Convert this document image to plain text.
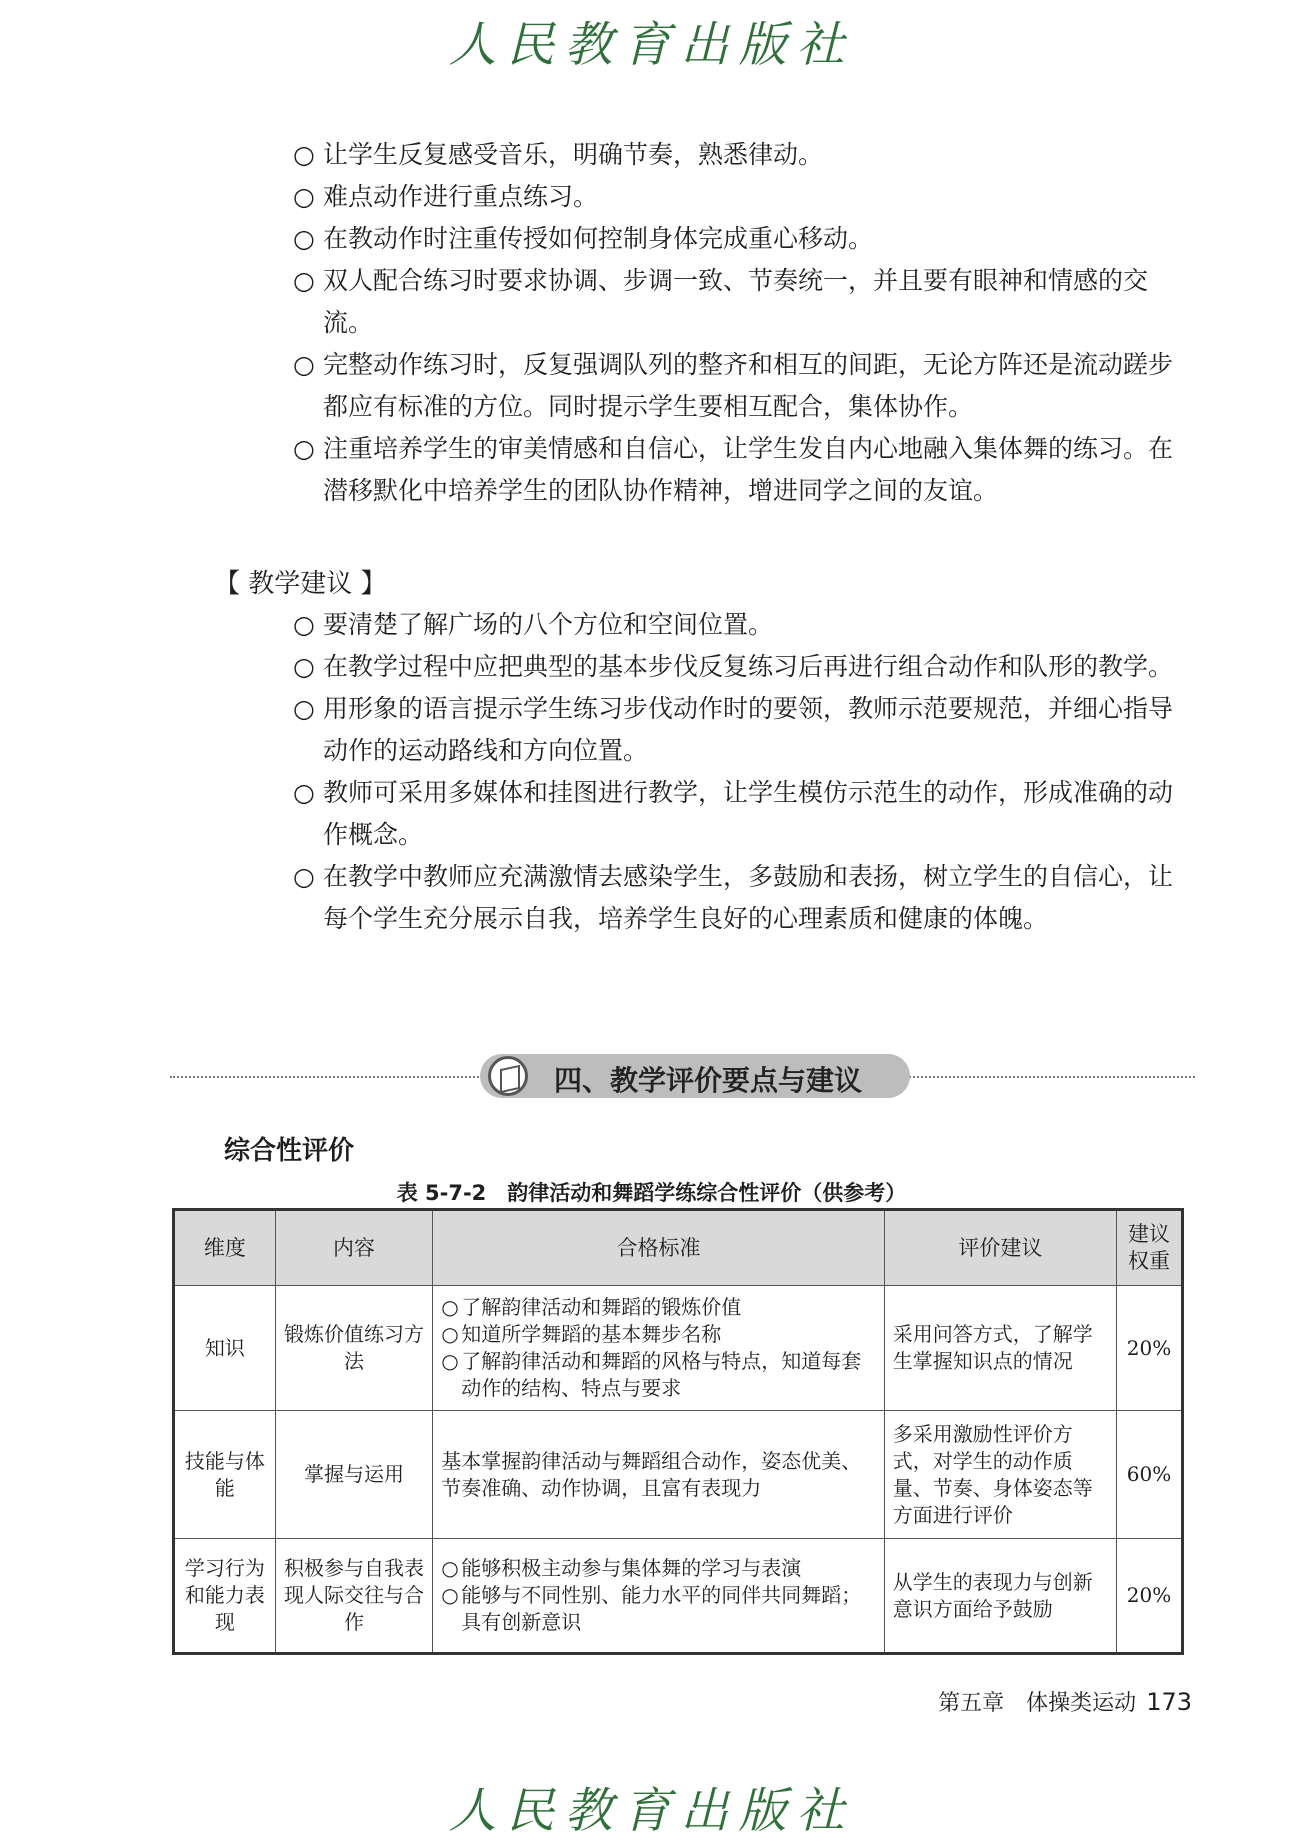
人民教育出版社
○ 让学生反复感受音乐，明确节奏，熟悉律动。
○ 难点动作进行重点练习。
○ 在教动作时注重传授如何控制身体完成重心移动。
○ 双人配合练习时要求协调、步调一致、节奏统一，并且要有眼神和情感的交流。
○ 完整动作练习时，反复强调队列的整齐和相互的间距，无论方阵还是流动蹉步都应有标准的方位。同时提示学生要相互配合，集体协作。
○ 注重培养学生的审美情感和自信心，让学生发自内心地融入集体舞的练习。在潜移默化中培养学生的团队协作精神，增进同学之间的友谊。
【 教学建议 】
○ 要清楚了解广场的八个方位和空间位置。
○ 在教学过程中应把典型的基本步伐反复练习后再进行组合动作和队形的教学。
○ 用形象的语言提示学生练习步伐动作时的要领，教师示范要规范，并细心指导动作的运动路线和方向位置。
○ 教师可采用多媒体和挂图进行教学，让学生模仿示范生的动作，形成准确的动作概念。
○ 在教学中教师应充满激情去感染学生，多鼓励和表扬，树立学生的自信心，让每个学生充分展示自我，培养学生良好的心理素质和健康的体魄。
四、教学评价要点与建议
综合性评价
表 5-7-2　韵律活动和舞蹈学练综合性评价（供参考）
维度	内容	合格标准	评价建议	建议权重
知识	锻炼价值练习方法	○ 了解韵律活动和舞蹈的锻炼价值
○ 知道所学舞蹈的基本舞步名称
○ 了解韵律活动和舞蹈的风格与特点，知道每套动作的结构、特点与要求	采用问答方式，了解学生掌握知识点的情况	20%
技能与体能	掌握与运用	基本掌握韵律活动与舞蹈组合动作，姿态优美、节奏准确、动作协调，且富有表现力	多采用激励性评价方式，对学生的动作质量、节奏、身体姿态等方面进行评价	60%
学习行为和能力表现	积极参与自我表现人际交往与合作	○ 能够积极主动参与集体舞的学习与表演
○ 能够与不同性别、能力水平的同伴共同舞蹈；具有创新意识	从学生的表现力与创新意识方面给予鼓励	20%
第五章　体操类运动 173
人民教育出版社
